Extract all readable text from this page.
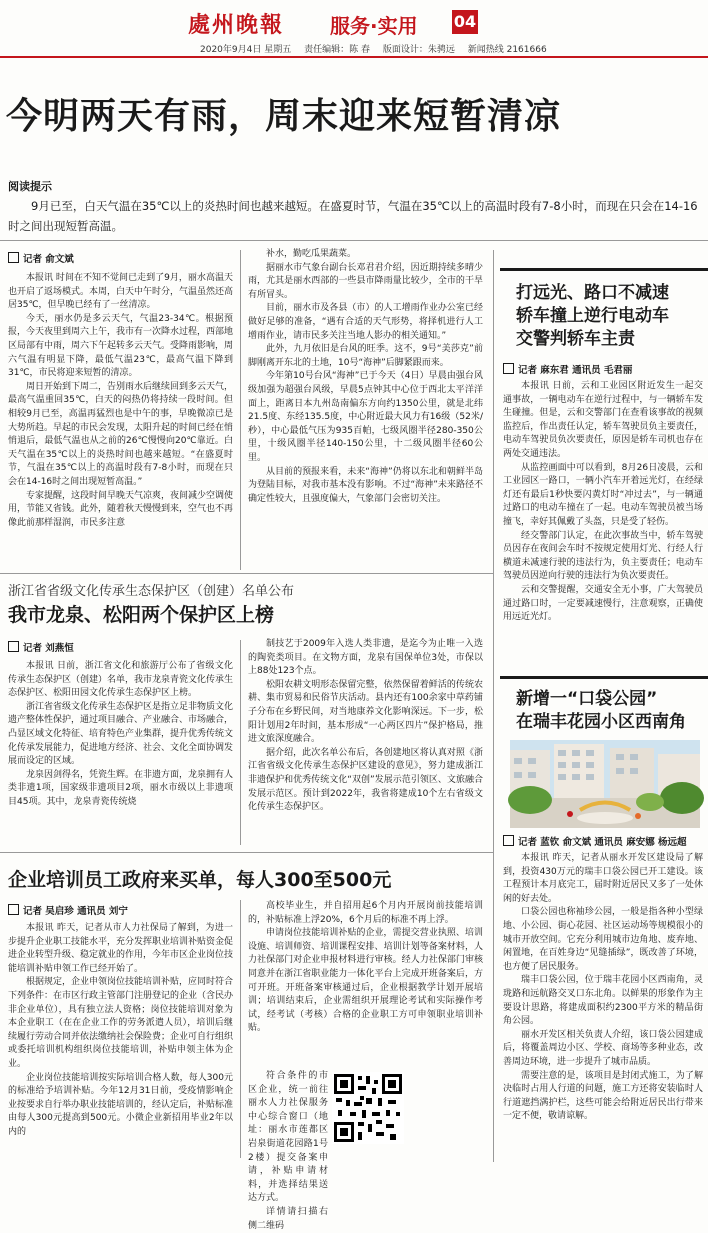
處州晚報 服务·实用 04
2020年9月4日 星期五 责任编辑：陈 春 版面设计：朱骋远 新闻热线 2161666
今明两天有雨，周末迎来短暂清凉
阅读提示
9月已至，白天气温在35℃以上的炎热时间也越来越短。在盛夏时节，气温在35℃以上的高温时段有7-8小时，而现在只会在14-16时之间出现短暂高温。
记者 俞文斌

本报讯 时间在不知不觉间已走到了9月，丽水高温天也开启了返场模式。本周，白天中午时分，气温虽然还高居35℃，但早晚已经有了一丝清凉。

今天，丽水仍是多云天气，气温23-34℃。根据预报，今天夜里到周六上午，我市有一次降水过程，西部地区局部有中雨，周六下午起转多云天气。受降雨影响，周六气温有明显下降，最低气温23℃，最高气温下降到31℃，市民将迎来短暂的清凉。

周日开始到下周二，告别雨水后继续回到多云天气，最高气温重回35℃，白天的闷热仍将持续一段时间。但相较9月已至，高温再猛烈也是中午的事，早晚微凉已是大势所趋。早起的市民会发现，太阳升起的时间已经在悄悄退后，最低气温也从之前的26℃慢慢向20℃靠近。白天气温在35℃以上的炎热时间也越来越短。“在盛夏时节，气温在35℃以上的高温时段有7-8小时，而现在只会在14-16时之间出现短暂高温。”

专家提醒，这段时间早晚天气凉爽，夜间减少空调使用，节能又省钱。此外，随着秋天慢慢到来，空气也不再像此前那样湿润，市民多注意

补水，勤吃瓜果蔬菜。

据丽水市气象台副台长邓君君介绍，因近期持续多晴少雨，尤其是丽水西部的一些县市降雨量比较少，全市的干旱有所冒头。

目前，丽水市及各县（市）的人工增雨作业办公室已经做好足够的准备，“遇有合适的天气形势，将择机进行人工增雨作业，请市民多关注当地人影办的相关通知。”

此外，九月依旧是台风的旺季。这不，9号“美莎克”前脚刚离开东北的土地，10号“海神”后脚紧跟而来。

今年第10号台风“海神”已于今天（4日）早晨由强台风级加强为超强台风级，早晨5点钟其中心位于西北太平洋洋面上，距离日本九州岛南偏东方向约1350公里，就是北纬21.5度、东经135.5度，中心附近最大风力有16级（52米/秒），中心最低气压为935百帕，七级风圈半径280-350公里，十级风圈半径140-150公里，十二级风圈半径60公里。

从目前的预报来看，未来“海神”仍将以东北和朝鲜半岛为登陆目标，对我市基本没有影响。不过“海神”未来路径不确定性较大，且强度偏大，气象部门会密切关注。

浙江省省级文化传承生态保护区（创建）名单公布
我市龙泉、松阳两个保护区上榜
记者 刘燕恒

本报讯 日前，浙江省文化和旅游厅公布了省级文化传承生态保护区（创建）名单，我市龙泉青瓷文化传承生态保护区、松阳田园文化传承生态保护区上榜。

浙江省省级文化传承生态保护区是指立足非物质文化遗产整体性保护，通过项目融合、产业融合、市场融合，凸显区域文化特征、培育特色产业集群，提升优秀传统文化传承发展能力，促进地方经济、社会、文化全面协调发展而设定的区域。

龙泉因剑得名，凭瓷生辉。在非遗方面，龙泉拥有人类非遗1项，国家级非遗项目2项，丽水市级以上非遗项目45项。其中，龙泉青瓷传统烧

制技艺于2009年入选人类非遗，是迄今为止唯一入选的陶瓷类项目。在文物方面，龙泉有国保单位3处，市保以上88处123个点。

松阳农耕文明形态保留完整，依然保留着鲜活的传统农耕、集市贸易和民俗节庆活动。县内还有100余家中草药铺子分布在乡野民间，对当地康养文化影响深远。下一步，松阳计划用2年时间，基本形成“一心两区四片”保护格局，推进文旅深度融合。

据介绍，此次名单公布后，各创建地区将认真对照《浙江省省级文化传承生态保护区建设的意见》，努力建成浙江非遗保护和优秀传统文化“双创”发展示范引领区、文旅融合发展示范区。预计到2022年，我省将建成10个左右省级文化传承生态保护区。

企业培训员工政府来买单，每人300至500元
记者 吴启珍 通讯员 刘宁

本报讯 昨天，记者从市人力社保局了解到，为进一步提升企业职工技能水平，充分发挥职业培训补贴资金促进企业转型升级、稳定就业的作用，今年市区企业岗位技能培训补贴申领工作已经开始了。

根据规定，企业申领岗位技能培训补贴，应同时符合下列条件：在市区行政主管部门注册登记的企业（含民办非企业单位），具有独立法人资格；岗位技能培训对象为本企业职工（在在企业工作的劳务派遣人员），培训后继续履行劳动合同并依法缴纳社会保险费；企业可自行组织或委托培训机构组织岗位技能培训，补贴申领主体为企业。

企业岗位技能培训按实际培训合格人数，每人300元的标准给予培训补贴。今年12月31日前，受疫情影响企业按要求自行举办职业技能培训的，经认定后，补贴标准由每人300元提高到500元。小微企业新招用毕业2年以内的

高校毕业生，并自招用起6个月内开展岗前技能培训的，补贴标准上浮20%，6个月后的标准不再上浮。

申请岗位技能培训补贴的企业，需提交营业执照、培训设施、培训师资、培训课程安排、培训计划等备案材料，人力社保部门对企业申报材料进行审核。经人力社保部门审核同意并在浙江省职业能力一体化平台上完成开班备案后，方可开班。开班备案审核通过后，企业根据教学计划开展培训；培训结束后，企业需组织开展理论考试和实际操作考试，经考试（考核）合格的企业职工方可申领职业培训补贴。

符合条件的市区企业，统一前往丽水人力社保服务中心综合窗口（地址：丽水市莲都区岩泉街道花园路1号2楼）提交备案申请，补贴申请材料，并选择结果送达方式。

详情请扫描右侧二维码

打远光、路口不减速
轿车撞上逆行电动车
交警判轿车主责
记者 麻东君 通讯员 毛君丽

本报讯 日前，云和工业园区附近发生一起交通事故，一辆电动车在逆行过程中，与一辆轿车发生碰撞。但是，云和交警部门在查看该事故的视频监控后，作出责任认定，轿车驾驶员负主要责任，电动车驾驶员负次要责任，原因是轿车司机也存在两处交通违法。

从监控画面中可以看到，8月26日凌晨，云和工业园区一路口，一辆小汽车开着远光灯，在经绿灯还有最后1秒快要闪黄灯时“冲过去”，与一辆通过路口的电动车撞在了一起。电动车驾驶员被当场撞飞，幸好其佩戴了头盔，只是受了轻伤。

经交警部门认定，在此次事故当中，轿车驾驶员因存在夜间会车时不按规定使用灯光、行经人行横道未减速行驶的违法行为，负主要责任；电动车驾驶员因逆向行驶的违法行为负次要责任。

云和交警提醒，交通安全无小事，广大驾驶员通过路口时，一定要减速慢行，注意观察，正确使用远近光灯。

新增一“口袋公园”
在瑞丰花园小区西南角
记者 蓝钦 俞文斌 通讯员 麻安娜 杨远超

本报讯 昨天，记者从丽水开发区建设局了解到，投资430万元的瑞丰口袋公园已开工建设。该工程预计本月底完工，届时附近居民又多了一处休闲的好去处。

口袋公园也称袖珍公园，一般是指各种小型绿地、小公园、街心花园、社区运动场等规模很小的城市开放空间。它充分利用城市边角地、废弃地、闲置地，在百姓身边“见缝插绿”，既改善了环境，也方便了居民服务。

瑞丰口袋公园，位于瑞丰花园小区西南角，灵珑路和远航路交叉口东北角。以鲜果的形象作为主要设计思路，将建成面积约2300平方米的精品街角公园。

丽水开发区相关负责人介绍，该口袋公园建成后，将覆盖周边小区、学校、商场等多种业态，改善周边环境，进一步提升了城市品质。

需要注意的是，该项目是封闭式施工，为了解决临时占用人行道的问题，施工方还将安装临时人行道遮挡满护栏，这些可能会给附近居民出行带来一定不便，敬请谅解。
